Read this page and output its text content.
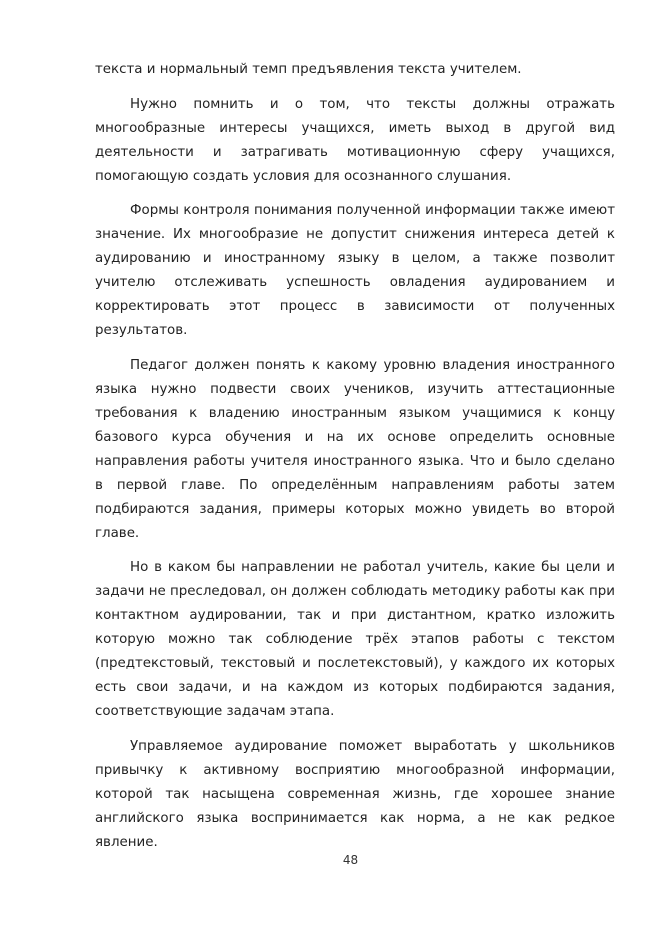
текста и нормальный темп предъявления текста учителем.

Нужно помнить и о том, что тексты должны отражать многообразные интересы учащихся, иметь выход в другой вид деятельности и затрагивать мотивационную сферу учащихся, помогающую создать условия для осознанного слушания.

Формы контроля понимания полученной информации также имеют значение. Их многообразие не допустит снижения интереса детей к аудированию и иностранному языку в целом, а также позволит учителю отслеживать успешность овладения аудированием и корректировать этот процесс в зависимости от полученных результатов.

Педагог должен понять к какому уровню владения иностранного языка нужно подвести своих учеников, изучить аттестационные требования к владению иностранным языком учащимися к концу базового курса обучения и на их основе определить основные направления работы учителя иностранного языка. Что и было сделано в первой главе. По определённым направлениям работы затем подбираются задания, примеры которых можно увидеть во второй главе.

Но в каком бы направлении не работал учитель, какие бы цели и задачи не преследовал, он должен соблюдать методику работы как при контактном аудировании, так и при дистантном, кратко изложить которую можно так соблюдение трёх этапов работы с текстом (предтекстовый, текстовый и послетекстовый), у каждого их которых есть свои задачи, и на каждом из которых подбираются задания, соответствующие задачам этапа.

Управляемое аудирование поможет выработать у школьников привычку к активному восприятию многообразной информации, которой так насыщена современная жизнь, где хорошее знание английского языка воспринимается как норма, а не как редкое явление.

48
